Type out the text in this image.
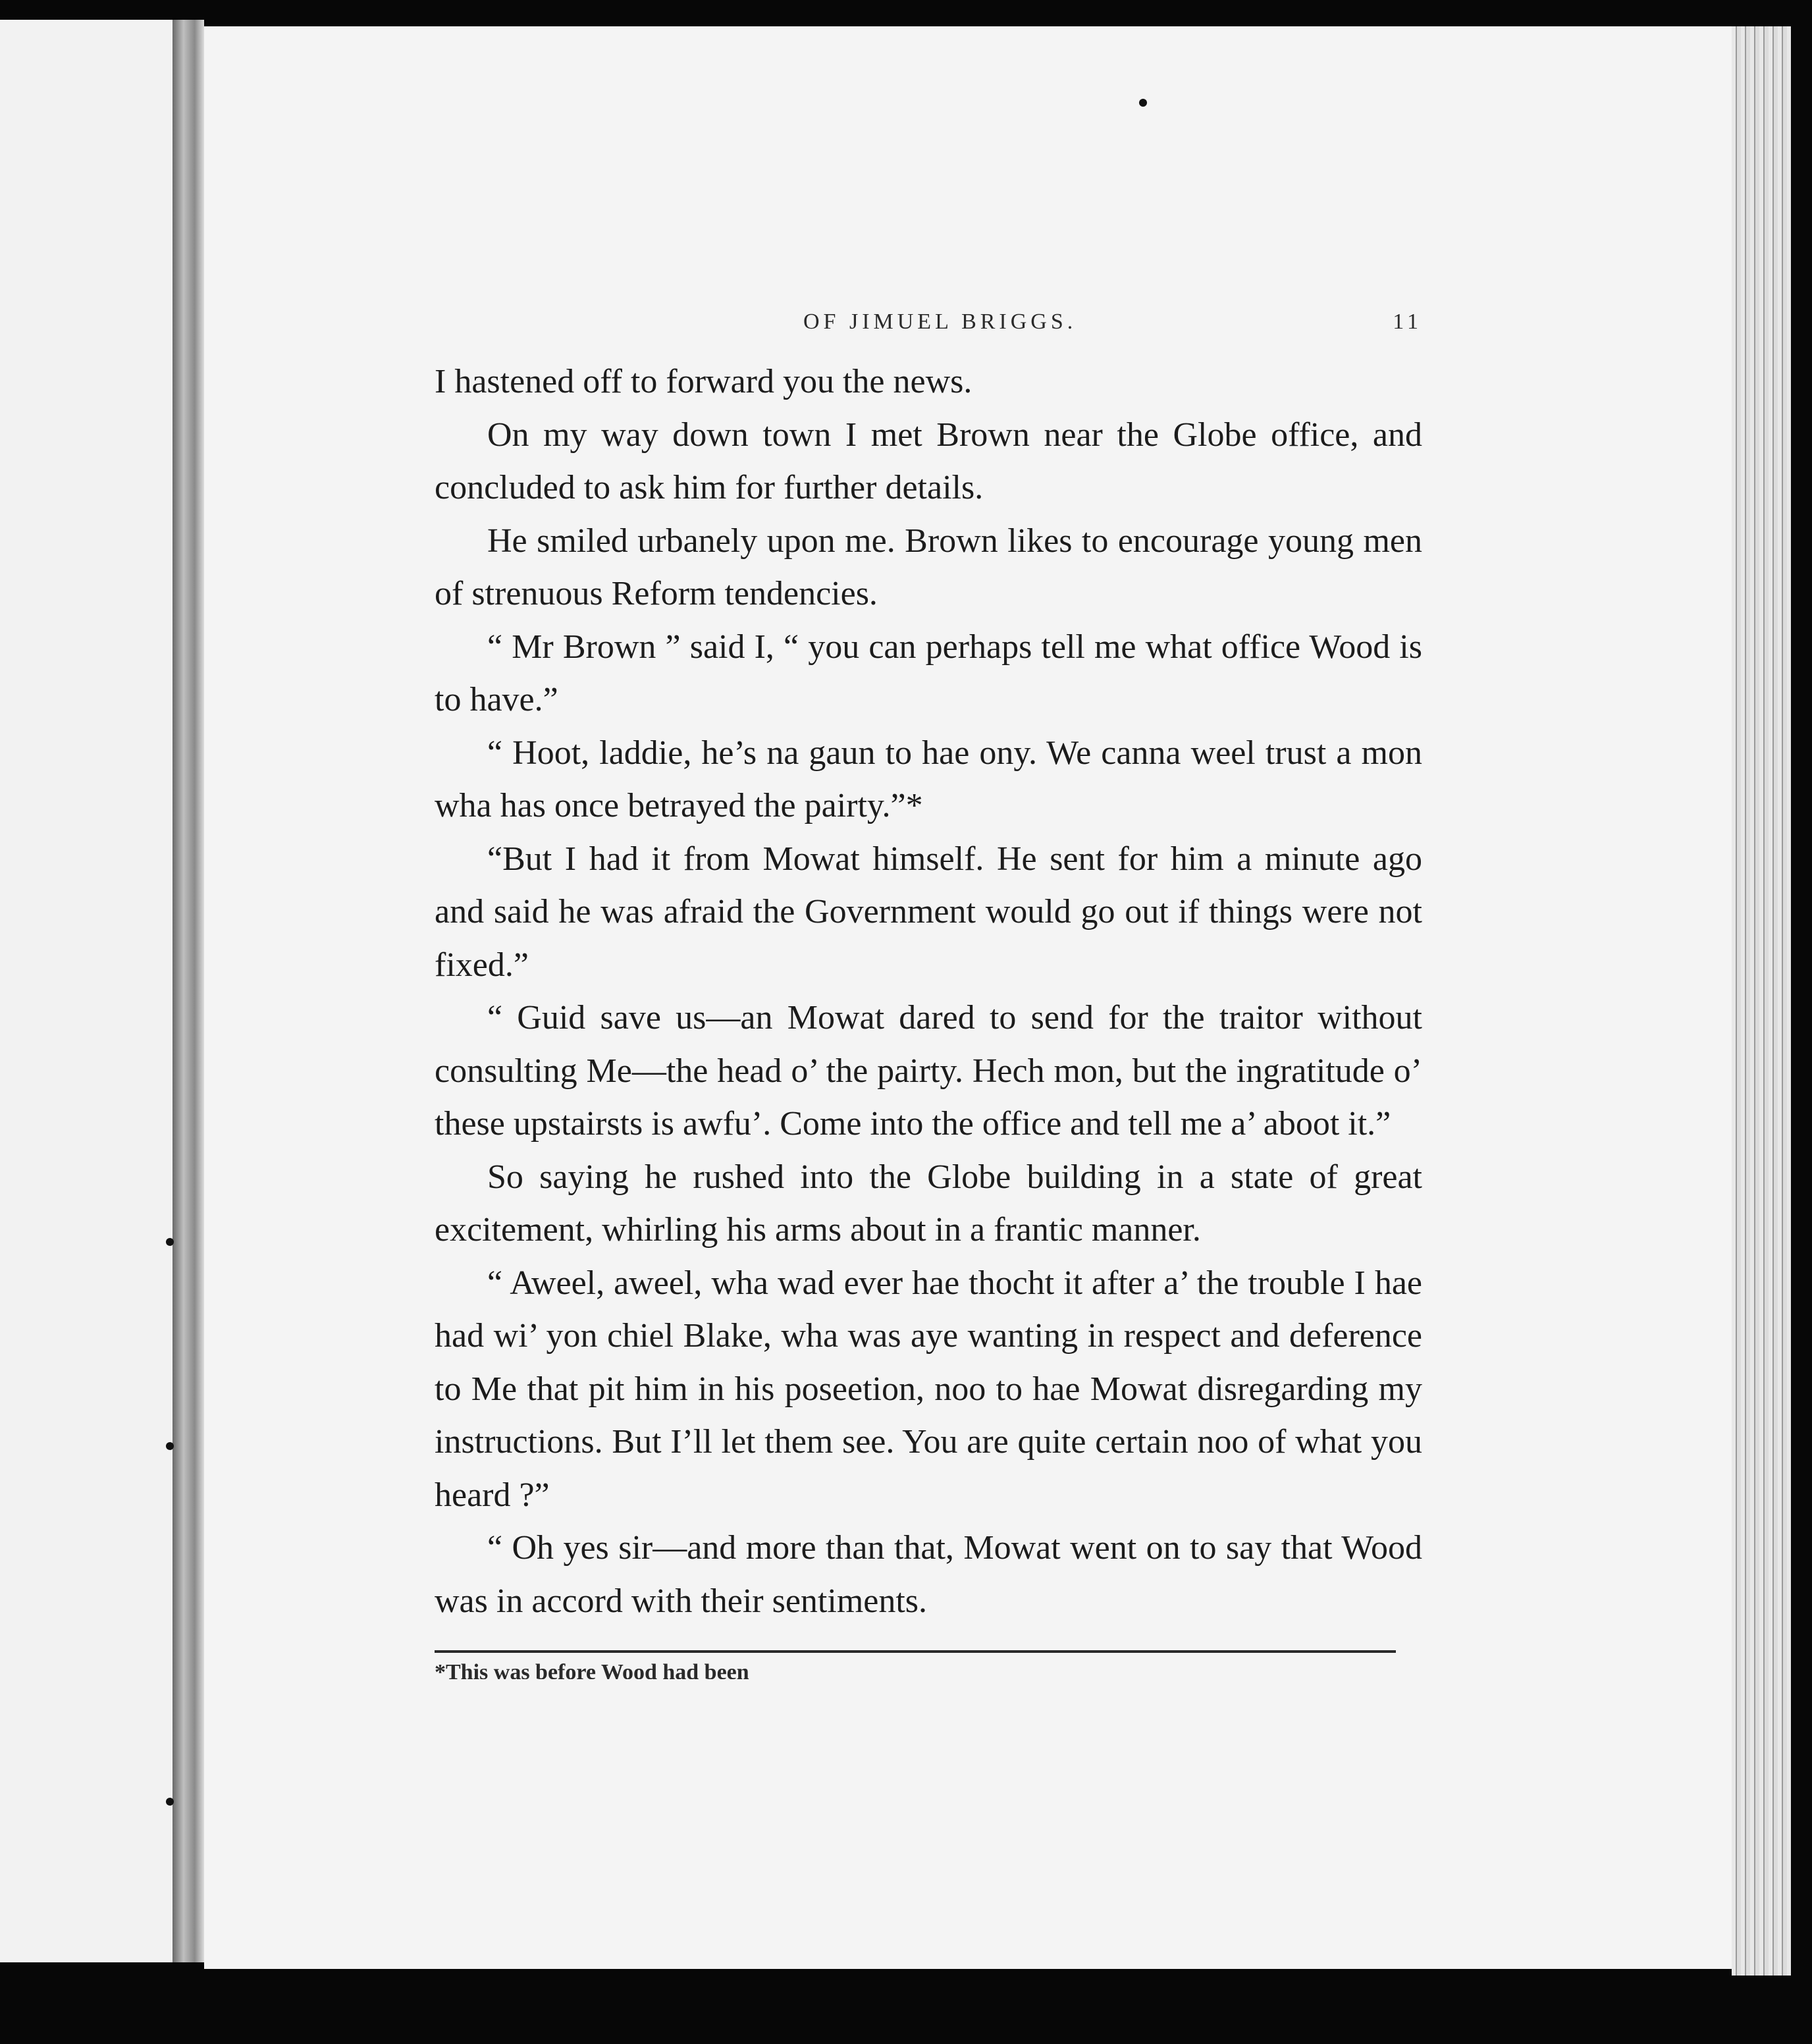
OF JIMUEL BRIGGS.	11

I hastened off to forward you the news.

On my way down town I met Brown near the Globe office, and concluded to ask him for further details.

He smiled urbanely upon me. Brown likes to encourage young men of strenuous Reform tendencies.

“ Mr Brown ” said I, “ you can perhaps tell me what office Wood is to have.”

“ Hoot, laddie, he’s na gaun to hae ony. We canna weel trust a mon wha has once betrayed the pairty.”*

“But I had it from Mowat himself. He sent for him a minute ago and said he was afraid the Government would go out if things were not fixed.”

“ Guid save us—an Mowat dared to send for the traitor without consulting Me—the head o’ the pairty. Hech mon, but the ingratitude o’ these upstairsts is awfu’. Come into the office and tell me a’ aboot it.”

So saying he rushed into the Globe building in a state of great excitement, whirling his arms about in a frantic manner.

“ Aweel, aweel, wha wad ever hae thocht it after a’ the trouble I hae had wi’ yon chiel Blake, wha was aye wanting in respect and deference to Me that pit him in his poseetion, noo to hae Mowat disregarding my instructions. But I’ll let them see. You are quite certain noo of what you heard ?”

“ Oh yes sir—and more than that, Mowat went on to say that Wood was in accord with their sentiments.

*This was before Wood had been
